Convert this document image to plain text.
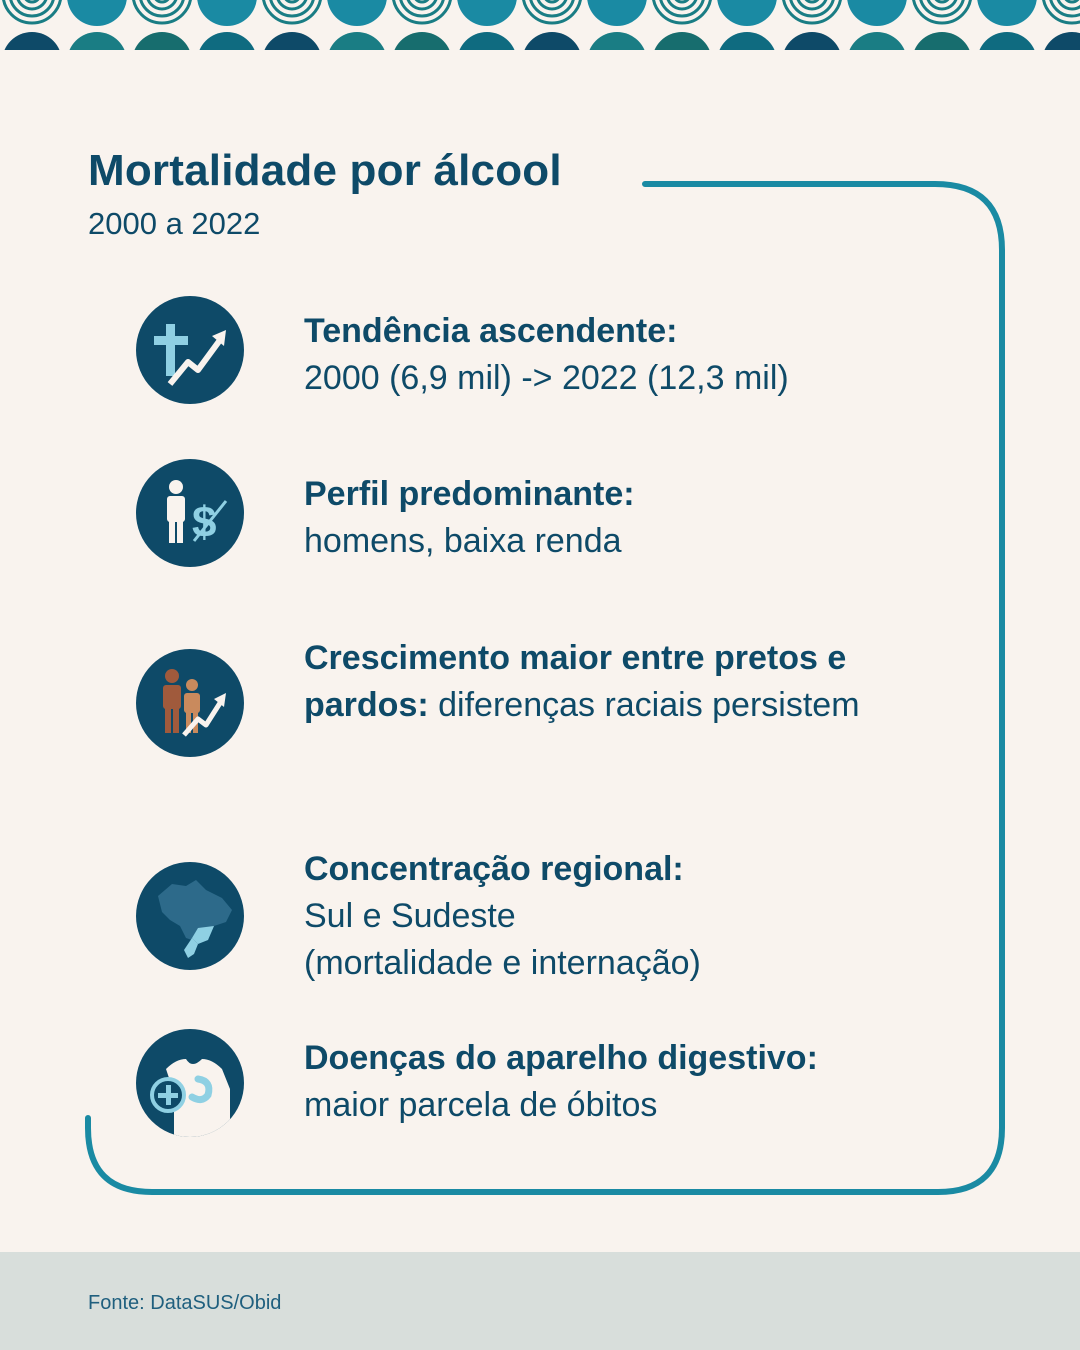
Mortalidade por álcool

2000 a 2022

Tendência ascendente:
2000 (6,9 mil) -> 2022 (12,3 mil)
$
Perfil predominante:
homens, baixa renda
Crescimento maior entre pretos e pardos: diferenças raciais persistem
Concentração regional:
Sul e Sudeste
(mortalidade e internação)
Doenças do aparelho digestivo:
maior parcela de óbitos
Fonte: DataSUS/Obid
